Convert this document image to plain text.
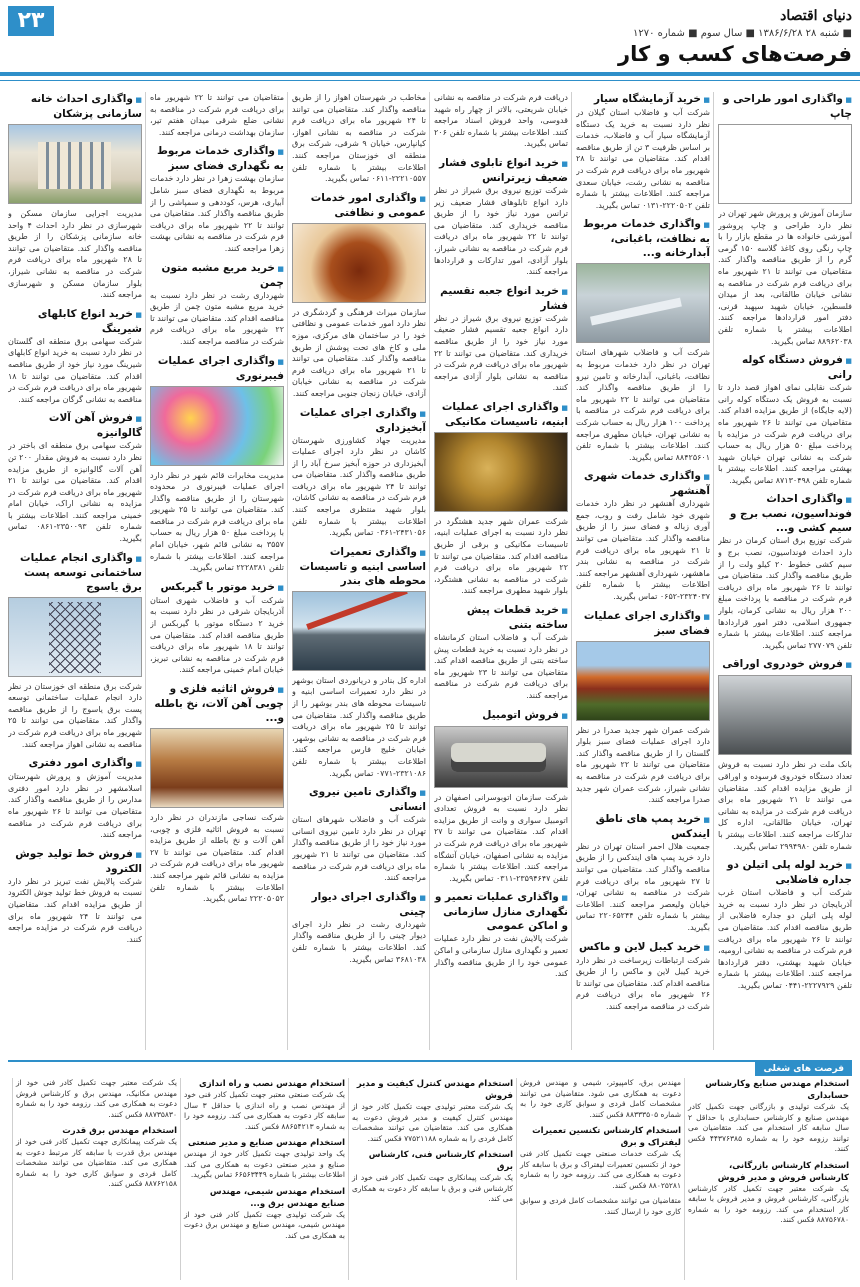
۲۳	دنیای اقتصاد
■ شنبه ۲۸ ۱۳۸۶/۶/۲۸ ■ سال سوم ■ شماره ۱۲۷۰
فرصت‌های کسب و کار
■ واگذاری امور طراحی و چاپ
سازمان آموزش و پرورش شهر تهران در نظر دارد طراحی و چاپ پروشور آموزشی خانواده ها در مقطع بازار را با چاپ رنگی روی کاغذ گلاسه ۱۵۰ گرمی گرم را از طریق مناقصه واگذار کند. متقاضیان می توانند تا ۲۱ شهریور ماه برای دریافت فرم شرکت در مناقصه به نشانی خیابان طالقانی، بعد از میدان فلسطین، خیابان شهید سپهبد قرنی، دفتر امور قراردادها مراجعه کنند. اطلاعات بیشتر با شماره تلفن ۸۸۹۶۲۰۳۸ تماس بگیرید.
■ فروش دستگاه کوله رانی
شرکت نقابلی نمای اهواز قصد دارد تا نسبت به فروش یک دستگاه کوله رانی (لایه جایگاه) از طریق مزایده اقدام کند. متقاضیان می توانند تا ۲۶ شهریور ماه برای دریافت فرم شرکت در مزایده با پرداخت مبلغ ۵۰ هزار ریال به حساب شرکت به نشانی تهران خیابان شهید بهشتی مراجعه کنند. اطلاعات بیشتر با شماره تلفن ۸۷۱۳۰۴۹۸ تماس بگیرید.
■ واگذاری احداث فونداسیون، نصب برج و سیم کشی و...
شرکت توزیع برق استان کرمان در نظر دارد احداث فونداسیون، نصب برج و سیم کشی خطوط ۲۰ کیلو ولت را از طریق مناقصه واگذار کند. متقاضیان می توانند تا ۲۶ شهریور ماه برای دریافت فرم شرکت در مناقصه با پرداخت مبلغ ۲۰۰ هزار ریال به نشانی کرمان، بلوار جمهوری اسلامی، دفتر امور قراردادها مراجعه کنند. اطلاعات بیشتر با شماره تلفن ۲۷۷۰۷۹ تماس بگیرید.
■ فروش خودروی اوراقی
بانک ملت در نظر دارد نسبت به فروش تعداد دستگاه خودروی فرسوده و اوراقی از طریق مزایده اقدام کند. متقاضیان می توانند تا ۲۱ شهریور ماه برای دریافت فرم شرکت در مزایده به نشانی تهران، خیابان طالقانی، اداره کل تدارکات مراجعه کنند. اطلاعات بیشتر با شماره تلفن ۲۹۹۴۹۸۰ تماس بگیرید.
■ خرید لوله پلی اتیلن دو جداره فاضلابی
شرکت آب و فاضلاب استان غرب آذربایجان در نظر دارد نسبت به خرید لوله پلی اتیلن دو جداره فاضلابی از طریق مناقصه اقدام کند. متقاضیان می توانند تا ۲۶ شهریور ماه برای دریافت فرم شرکت در مناقصه به نشانی ارومیه، خیابان شهید بهشتی، دفتر قراردادها مراجعه کنند. اطلاعات بیشتر با شماره تلفن ۲۲۲۷۹۲۹-۰۴۴۱ تماس بگیرید.
■ خرید آزمایشگاه سیار
شرکت آب و فاضلاب استان گیلان در نظر دارد نسبت به خرید یک دستگاه آزمایشگاه سیار آب و فاضلاب، خدمات بر اساس ظرفیت ۳ تن از طریق مناقصه اقدام کند. متقاضیان می توانند تا ۲۸ شهریور ماه برای دریافت فرم شرکت در مناقصه به نشانی رشت، خیابان سعدی مراجعه کنند. اطلاعات بیشتر با شماره تلفن ۲۲۲۰۵۰۲-۰۱۳۱ تماس بگیرید.
■ واگذاری خدمات مربوط به نظافت، باغبانی، آبدارخانه و...
شرکت آب و فاضلاب شهرهای استان تهران در نظر دارد خدمات مربوط به نظافت، باغبانی، آبدارخانه و تامین نیرو را از طریق مناقصه واگذار کند. متقاضیان می توانند تا ۲۲ شهریور ماه برای دریافت فرم شرکت در مناقصه با پرداخت ۱۰۰ هزار ریال به حساب شرکت به نشانی تهران، خیابان مطهری مراجعه کنند. اطلاعات بیشتر با شماره تلفن ۸۸۴۲۵۶۰۱ تماس بگیرید.
■ واگذاری خدمات شهری آهنشهر
شهرداری آهنشهر در نظر دارد خدمات شهری خود شامل رفت و روب، جمع آوری زباله و فضای سبز را از طریق مناقصه واگذار کند. متقاضیان می توانند تا ۲۱ شهریور ماه برای دریافت فرم شرکت در مناقصه به نشانی بندر ماهشهر، شهرداری آهنشهر مراجعه کنند. اطلاعات بیشتر با شماره تلفن ۲۳۲۴۰۳۷-۰۶۵۲ تماس بگیرید.
■ واگذاری اجرای عملیات فضای سبز
شرکت عمران شهر جدید صدرا در نظر دارد اجرای عملیات فضای سبز بلوار گلستان را از طریق مناقصه واگذار کند. متقاضیان می توانند تا ۲۲ شهریور ماه برای دریافت فرم شرکت در مناقصه به نشانی شیراز، شرکت عمران شهر جدید صدرا مراجعه کنند.
■ خرید پمپ های ناطق ایندکس
جمعیت هلال احمر استان تهران در نظر دارد خرید پمپ های ایندکس را از طریق مناقصه واگذار کند. متقاضیان می توانند تا ۲۷ شهریور ماه برای دریافت فرم شرکت در مناقصه به نشانی تهران، خیابان ولیعصر مراجعه کنند. اطلاعات بیشتر با شماره تلفن ۲۲۰۶۵۲۴۴ تماس بگیرید.
■ خرید کیبل لاین و ماکس
شرکت ارتباطات زیرساخت در نظر دارد خرید کیبل لاین و ماکس را از طریق مناقصه اقدام کند. متقاضیان می توانند تا ۲۶ شهریور ماه برای دریافت فرم شرکت در مناقصه مراجعه کنند.
دریافت فرم شرکت در مناقصه به نشانی خیابان شریعتی، بالاتر از چهار راه شهید قدوسی، واحد فروش اسناد مراجعه کنند. اطلاعات بیشتر با شماره تلفن ۲۰۶ تماس بگیرید.
■ خرید انواع تابلوی فشار ضعیف زیرترانس
شرکت توزیع نیروی برق شیراز در نظر دارد انواع تابلوهای فشار ضعیف زیر ترانس مورد نیاز خود را از طریق مناقصه خریداری کند. متقاضیان می توانند تا ۲۲ شهریور ماه برای دریافت فرم شرکت در مناقصه به نشانی شیراز، بلوار آزادی، امور تدارکات و قراردادها مراجعه کنند.
■ خرید انواع جعبه تقسیم فشار
شرکت توزیع نیروی برق شیراز در نظر دارد انواع جعبه تقسیم فشار ضعیف مورد نیاز خود را از طریق مناقصه خریداری کند. متقاضیان می توانند تا ۲۲ شهریور ماه برای دریافت فرم شرکت در مناقصه به نشانی بلوار آزادی مراجعه کنند.
■ واگذاری اجرای عملیات ابنیه، تاسیسات مکانیکی
شرکت عمران شهر جدید هشتگرد در نظر دارد نسبت به اجرای عملیات ابنیه، تاسیسات مکانیکی و برقی از طریق مناقصه اقدام کند. متقاضیان می توانند تا ۲۲ شهریور ماه برای دریافت فرم شرکت در مناقصه به نشانی هشتگرد، بلوار شهید مطهری مراجعه کنند.
■ خرید قطعات پیش ساخته بتنی
شرکت آب و فاضلاب استان کرمانشاه در نظر دارد نسبت به خرید قطعات پیش ساخته بتنی از طریق مناقصه اقدام کند. متقاضیان می توانند تا ۲۳ شهریور ماه برای دریافت فرم شرکت در مناقصه مراجعه کنند.
■ فروش اتومبیل
شرکت سازمان اتوبوسرانی اصفهان در نظر دارد نسبت به فروش تعدادی اتومبیل سواری و وانت از طریق مزایده اقدام کند. متقاضیان می توانند تا ۲۷ شهریور ماه برای دریافت فرم شرکت در مزایده به نشانی اصفهان، خیابان آتشگاه مراجعه کنند. اطلاعات بیشتر با شماره تلفن ۲۳۵۹۴۶۴۷-۰۳۱۱ تماس بگیرید.
■ واگذاری عملیات تعمیر و نگهداری منازل سازمانی و اماکن عمومی
شرکت پالایش نفت در نظر دارد عملیات تعمیر و نگهداری منازل سازمانی و اماکن عمومی خود را از طریق مناقصه واگذار کند.
مخاطب در شهرستان اهواز را از طریق مناقصه واگذار کند. متقاضیان می توانند تا ۲۴ شهریور ماه برای دریافت فرم شرکت در مناقصه به نشانی اهواز، کیانپارس، خیابان ۹ شرقی، شرکت برق منطقه ای خوزستان مراجعه کنند. اطلاعات بیشتر با شماره تلفن ۲۲۲۱۰۵۵۷-۰۶۱۱ تماس بگیرید.
■ واگذاری امور خدمات عمومی و نظافتی
سازمان میراث فرهنگی و گردشگری در نظر دارد امور خدمات عمومی و نظافتی خود را در ساختمان های مرکزی، موزه ملی و کاخ های تحت پوشش از طریق مناقصه واگذار کند. متقاضیان می توانند تا ۲۱ شهریور ماه برای دریافت فرم شرکت در مناقصه به نشانی خیابان آزادی، خیابان زنجان جنوبی مراجعه کنند.
■ واگذاری اجرای عملیات آبخیزداری
مدیریت جهاد کشاورزی شهرستان کاشان در نظر دارد اجرای عملیات آبخیزداری در حوزه آبخیز سرخ آباد را از طریق مناقصه واگذار کند. متقاضیان می توانند تا ۲۴ شهریور ماه برای دریافت فرم شرکت در مناقصه به نشانی کاشان، بلوار شهید منتظری مراجعه کنند. اطلاعات بیشتر با شماره تلفن ۲۴۳۱۰۵۶-۰۳۶۱ تماس بگیرید.
■ واگذاری تعمیرات اساسی ابنیه و تاسیسات محوطه های بندر
اداره کل بنادر و دریانوردی استان بوشهر در نظر دارد تعمیرات اساسی ابنیه و تاسیسات محوطه های بندر بوشهر را از طریق مناقصه واگذار کند. متقاضیان می توانند تا ۲۵ شهریور ماه برای دریافت فرم شرکت در مناقصه به نشانی بوشهر، خیابان خلیج فارس مراجعه کنند. اطلاعات بیشتر با شماره تلفن ۲۳۲۱۰۸۶-۰۷۷۱ تماس بگیرید.
■ واگذاری تامین نیروی انسانی
شرکت آب و فاضلاب شهرهای استان تهران در نظر دارد تامین نیروی انسانی مورد نیاز خود را از طریق مناقصه واگذار کند. متقاضیان می توانند تا ۲۱ شهریور ماه برای دریافت فرم شرکت در مناقصه مراجعه کنند.
■ واگذاری اجرای دیوار چینی
شهرداری رشت در نظر دارد اجرای دیوار چینی را از طریق مناقصه واگذار کند. اطلاعات بیشتر با شماره تلفن ۳۶۸۱۰۳۸ تماس بگیرید.
متقاضیان می توانند تا ۲۲ شهریور ماه برای دریافت فرم شرکت در مناقصه به نشانی ضلع شرقی میدان هفتم تیر، سازمان بهداشت درمانی مراجعه کنند.
■ واگذاری خدمات مربوط به نگهداری فضای سبز
سازمان بهشت زهرا در نظر دارد خدمات مربوط به نگهداری فضای سبز شامل آبیاری، هرس، کوددهی و سمپاشی را از طریق مناقصه واگذار کند. متقاضیان می توانند تا ۲۲ شهریور ماه برای دریافت فرم شرکت در مناقصه به نشانی بهشت زهرا مراجعه کنند.
■ خرید مربع مشبه متون چمن
شهرداری رشت در نظر دارد نسبت به خرید مربع مشبه متون چمن از طریق مناقصه اقدام کند. متقاضیان می توانند تا ۲۲ شهریور ماه برای دریافت فرم شرکت در مناقصه مراجعه کنند.
■ واگذاری اجرای عملیات فیبرنوری
مدیریت مخابرات قائم شهر در نظر دارد اجرای عملیات فیبرنوری در محدوده شهرستان را از طریق مناقصه واگذار کند. متقاضیان می توانند تا ۲۵ شهریور ماه برای دریافت فرم شرکت در مناقصه با پرداخت مبلغ ۵۰ هزار ریال به حساب ۳۵۵۷ به نشانی قائم شهر، خیابان امام مراجعه کنند. اطلاعات بیشتر با شماره تلفن ۲۲۲۸۳۸۱ تماس بگیرید.
■ خرید موتور با گیربکس
شرکت آب و فاضلاب شهری استان آذربایجان شرقی در نظر دارد نسبت به خرید ۲ دستگاه موتور با گیربکس از طریق مناقصه اقدام کند. متقاضیان می توانند تا ۱۸ شهریور ماه برای دریافت فرم شرکت در مناقصه به نشانی تبریز، خیابان امام خمینی مراجعه کنند.
■ فروش اثاثیه فلزی و چوبی آهن آلات، نخ باطله و...
شرکت نساجی مازندران در نظر دارد نسبت به فروش اثاثیه فلزی و چوبی، آهن آلات و نخ باطله از طریق مزایده اقدام کند. متقاضیان می توانند تا ۲۷ شهریور ماه برای دریافت فرم شرکت در مزایده به نشانی قائم شهر مراجعه کنند. اطلاعات بیشتر با شماره تلفن ۲۲۲۰۵۰۵۲ تماس بگیرید.
■ واگذاری احداث خانه سازمانی پزشکان
مدیریت اجرایی سازمان مسکن و شهرسازی در نظر دارد احداث ۴ واحد خانه سازمانی پزشکان را از طریق مناقصه واگذار کند. متقاضیان می توانند تا ۲۸ شهریور ماه برای دریافت فرم شرکت در مناقصه به نشانی شیراز، بلوار سازمان مسکن و شهرسازی مراجعه کنند.
■ خرید انواع کابلهای شیرینگ
شرکت سهامی برق منطقه ای گلستان در نظر دارد نسبت به خرید انواع کابلهای شیرینگ مورد نیاز خود از طریق مناقصه اقدام کند. متقاضیان می توانند تا ۱۸ شهریور ماه برای دریافت فرم شرکت در مناقصه به نشانی گرگان مراجعه کنند.
■ فروش آهن آلات گالوانیزه
شرکت سهامی برق منطقه ای باختر در نظر دارد نسبت به فروش مقدار ۲۰۰ تن آهن آلات گالوانیزه از طریق مزایده اقدام کند. متقاضیان می توانند تا ۲۱ شهریور ماه برای دریافت فرم شرکت در مزایده به نشانی اراک، خیابان امام خمینی مراجعه کنند. اطلاعات بیشتر با شماره تلفن ۲۳۵۰۰۹۳-۰۸۶۱ تماس بگیرید.
■ واگذاری انجام عملیات ساختمانی توسعه پست برق یاسوج
شرکت برق منطقه ای خوزستان در نظر دارد انجام عملیات ساختمانی توسعه پست برق یاسوج را از طریق مناقصه واگذار کند. متقاضیان می توانند تا ۲۵ شهریور ماه برای دریافت فرم شرکت در مناقصه به نشانی اهواز مراجعه کنند.
■ واگذاری امور دفتری
مدیریت آموزش و پرورش شهرستان اسلامشهر در نظر دارد امور دفتری مدارس را از طریق مناقصه واگذار کند. متقاضیان می توانند تا ۲۶ شهریور ماه برای دریافت فرم شرکت در مناقصه مراجعه کنند.
■ فروش خط تولید جوش الکترود
شرکت پالایش نفت تبریز در نظر دارد نسبت به فروش خط تولید جوش الکترود از طریق مزایده اقدام کند. متقاضیان می توانند تا ۲۴ شهریور ماه برای دریافت فرم شرکت در مزایده مراجعه کنند.
فرصت های شغلی
استخدام مهندس صنایع وکارشناس حسابداری
یک شرکت تولیدی و بازرگانی جهت تکمیل کادر مهندس صنایع و کارشناس حسابداری با حداقل ۲ سال سابقه کار استخدام می کند. متقاضیان می توانند رزومه خود را به شماره ۴۴۳۷۶۳۸۵ فکس کنند.
استخدام کارشناس بازرگانی، کارشناس فروش و مدیر فروش
یک شرکت معتبر جهت تکمیل کادر کارشناس بازرگانی، کارشناس فروش و مدیر فروش با سابقه کار استخدام می کند. رزومه خود را به شماره ۸۸۷۵۶۷۸۰ فکس کنند.
مهندس برق، کامپیوتر، شیمی و مهندس فروش دعوت به همکاری می شود. متقاضیان می توانند مشخصات کامل فردی و سوابق کاری خود را به شماره ۸۸۳۳۳۵۰۵ فکس کنند.
استخدام کارشناس تکنسین تعمیرات لیفتراک و برق
یک شرکت خدمات صنعتی جهت تکمیل کادر فنی خود از تکنسین تعمیرات لیفتراک و برق با سابقه کار دعوت به همکاری می کند. رزومه خود را به شماره ۸۸۰۲۵۲۸۱ فکس کنند.
متقاضیان می توانند مشخصات کامل فردی و سوابق کاری خود را ارسال کنند.
استخدام مهندس کنترل کیفیت و مدیر فروش
یک شرکت معتبر تولیدی جهت تکمیل کادر خود از مهندس کنترل کیفیت و مدیر فروش دعوت به همکاری می کند. متقاضیان می توانند مشخصات کامل فردی را به شماره ۷۷۵۲۱۱۸۸ فکس کنند.
استخدام کارشناس فنی، کارشناس برق
یک شرکت پیمانکاری جهت تکمیل کادر فنی خود از کارشناس فنی و برق با سابقه کار دعوت به همکاری می کند.
استخدام مهندس نصب و راه اندازی
یک شرکت صنعتی معتبر جهت تکمیل کادر فنی خود از مهندس نصب و راه اندازی با حداقل ۳ سال سابقه کار دعوت به همکاری می کند. رزومه خود را به شماره ۸۸۶۵۴۲۱۳ فکس کنند.
استخدام مهندس صنایع و مدیر صنعتی
یک واحد تولیدی جهت تکمیل کادر خود از مهندس صنایع و مدیر صنعتی دعوت به همکاری می کند. اطلاعات بیشتر با شماره ۶۶۵۶۳۴۴۹ تماس بگیرید.
استخدام مهندس شیمی، مهندس صنایع مهندس برق و...
یک شرکت تولیدی جهت تکمیل کادر فنی خود از مهندس شیمی، مهندس صنایع و مهندس برق دعوت به همکاری می کند.
یک شرکت معتبر جهت تکمیل کادر فنی خود از مهندس مکانیک، مهندس برق و کارشناس فروش دعوت به همکاری می کند. رزومه خود را به شماره ۸۸۷۳۵۸۳۰ فکس کنند.
استخدام مهندس برق قدرت
یک شرکت پیمانکاری جهت تکمیل کادر فنی خود از مهندس برق قدرت با سابقه کار مرتبط دعوت به همکاری می کند. متقاضیان می توانند مشخصات کامل فردی و سوابق کاری خود را به شماره ۸۸۷۶۲۱۵۸ فکس کنند.
